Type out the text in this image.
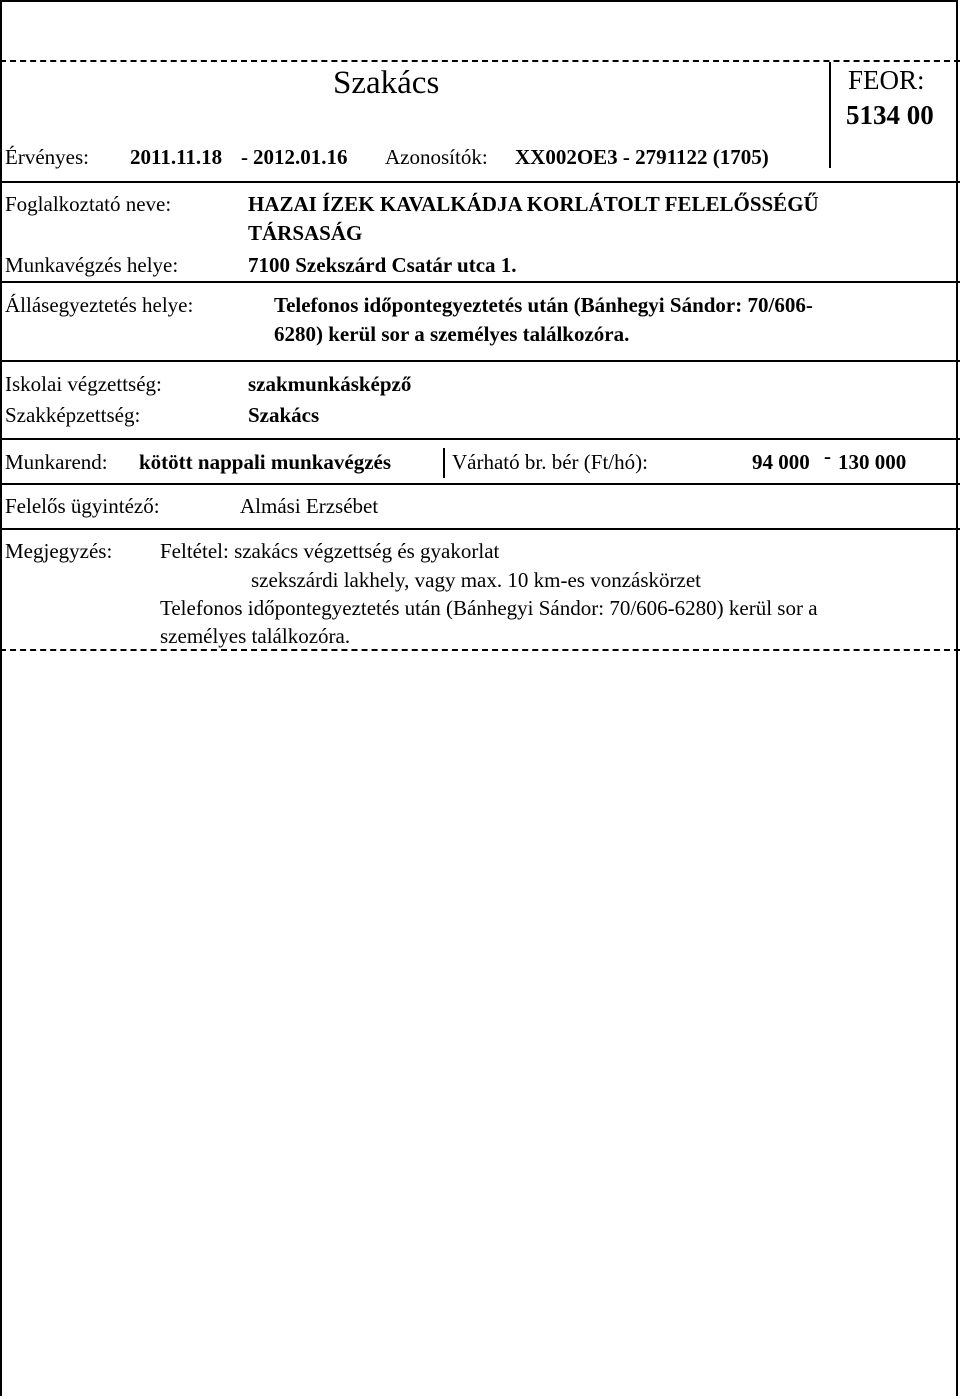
Szakács	FEOR:
5134 00
Érvényes: 2011.11.18 - 2012.01.16 Azonosítók: XX002OE3 - 2791122 (1705)
Foglalkoztató neve:	HAZAI ÍZEK KAVALKÁDJA KORLÁTOLT FELELŐSSÉGŰ
TÁRSASÁG
Munkavégzés helye:	7100 Szekszárd Csatár utca 1.
Állásegyeztetés helye:	Telefonos időpontegyeztetés után (Bánhegyi Sándor: 70/606-
6280) kerül sor a személyes találkozóra.
Iskolai végzettség:	szakmunkásképző
Szakképzettség:	Szakács
Munkarend: kötött nappali munkavégzés	Várható br. bér (Ft/hó):	94 000 - 130 000
Felelős ügyintéző:	Almási Erzsébet
Megjegyzés: Feltétel: szakács végzettség és gyakorlat
szekszárdi lakhely, vagy max. 10 km-es vonzáskörzet
Telefonos időpontegyeztetés után (Bánhegyi Sándor: 70/606-6280) kerül sor a
személyes találkozóra.
